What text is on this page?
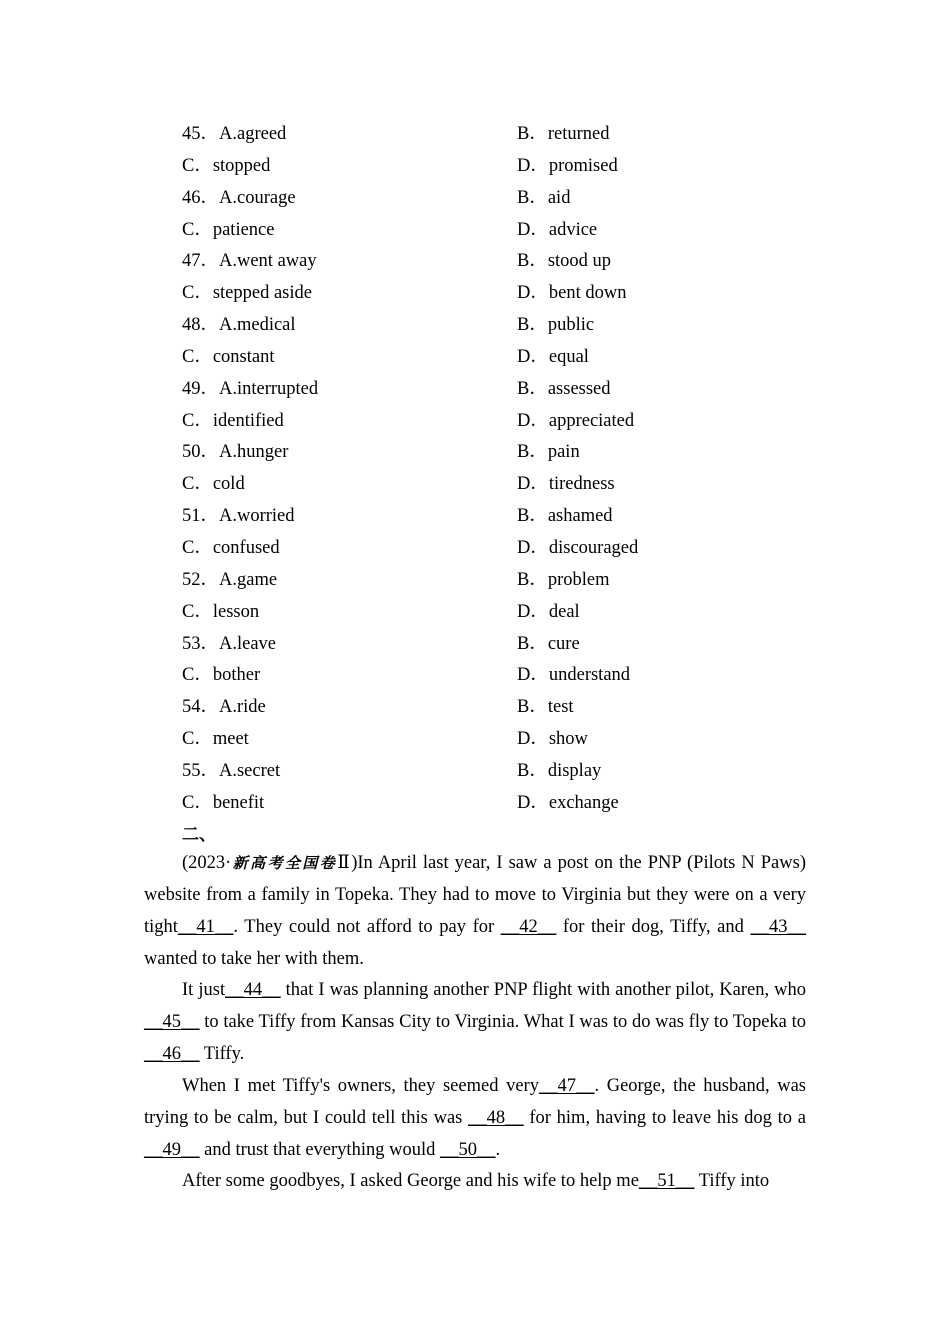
45．A.agreed	B．returned
C．stopped	D．promised
46．A.courage	B．aid
C．patience	D．advice
47．A.went away	B．stood up
C．stepped aside	D．bent down
48．A.medical	B．public
C．constant	D．equal
49．A.interrupted	B．assessed
C．identified	D．appreciated
50．A.hunger	B．pain
C．cold	D．tiredness
51．A.worried	B．ashamed
C．confused	D．discouraged
52．A.game	B．problem
C．lesson	D．deal
53．A.leave	B．cure
C．bother	D．understand
54．A.ride	B．test
C．meet	D．show
55．A.secret	B．display
C．benefit	D．exchange
二、

(2023·新高考全国卷Ⅱ)In April last year, I saw a post on the PNP (Pilots N Paws) website from a family in Topeka. They had to move to Virginia but they were on a very tight__41__. They could not afford to pay for __42__ for their dog, Tiffy, and __43__ wanted to take her with them.

It just__44__ that I was planning another PNP flight with another pilot, Karen, who __45__ to take Tiffy from Kansas City to Virginia. What I was to do was fly to Topeka to __46__ Tiffy.

When I met Tiffy's owners, they seemed very__47__. George, the husband, was trying to be calm, but I could tell this was __48__ for him, having to leave his dog to a __49__ and trust that everything would __50__.

After some goodbyes, I asked George and his wife to help me__51__ Tiffy into
